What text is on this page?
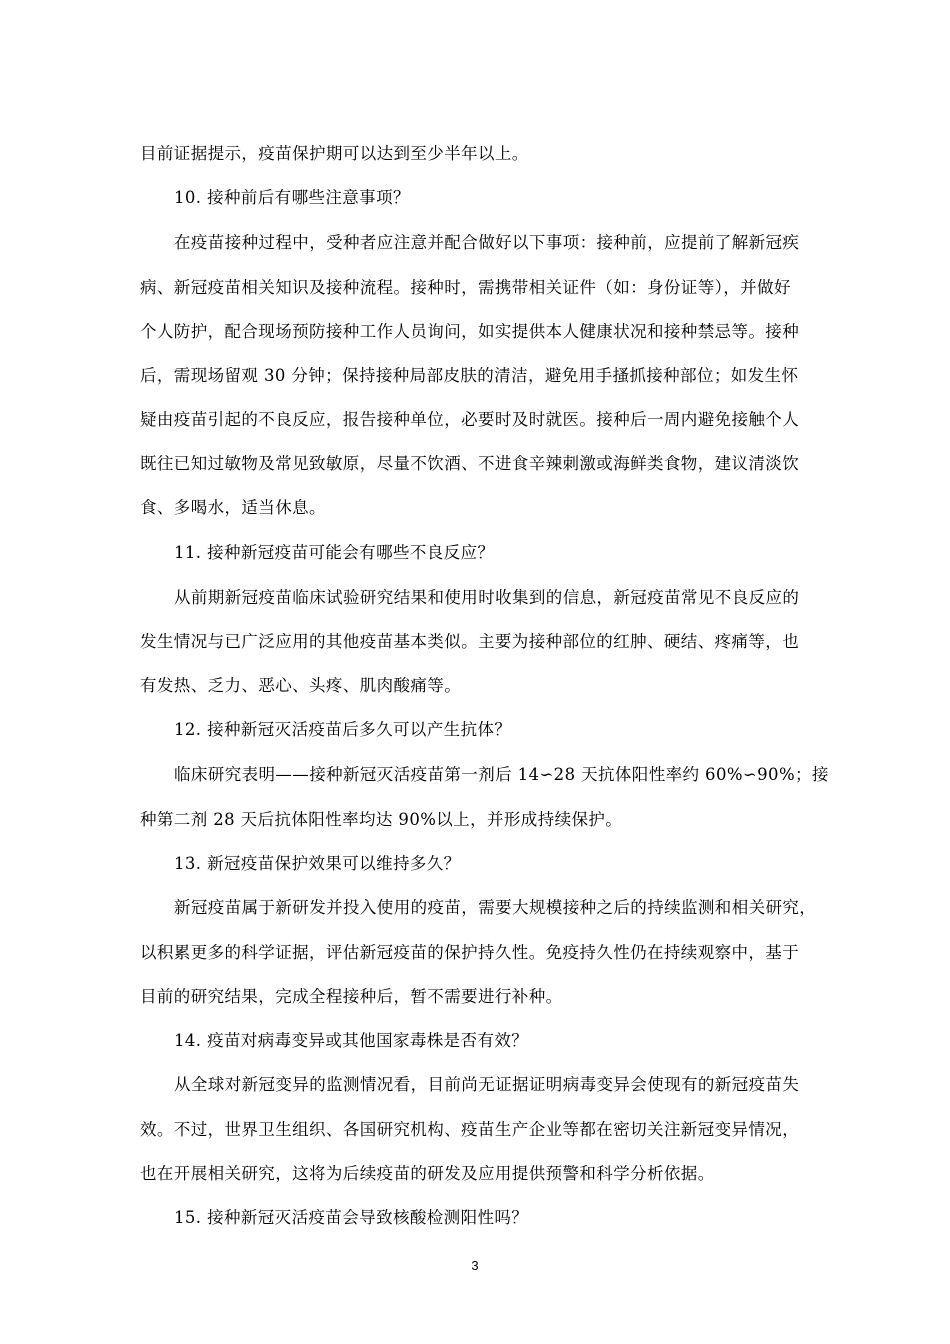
目前证据提示，疫苗保护期可以达到至少半年以上。
10. 接种前后有哪些注意事项？
在疫苗接种过程中，受种者应注意并配合做好以下事项：接种前，应提前了解新冠疾
病、新冠疫苗相关知识及接种流程。接种时，需携带相关证件（如：身份证等），并做好
个人防护，配合现场预防接种工作人员询问，如实提供本人健康状况和接种禁忌等。接种
后，需现场留观 30 分钟；保持接种局部皮肤的清洁，避免用手搔抓接种部位；如发生怀
疑由疫苗引起的不良反应，报告接种单位，必要时及时就医。接种后一周内避免接触个人
既往已知过敏物及常见致敏原，尽量不饮酒、不进食辛辣刺激或海鲜类食物，建议清淡饮
食、多喝水，适当休息。
11. 接种新冠疫苗可能会有哪些不良反应？
从前期新冠疫苗临床试验研究结果和使用时收集到的信息，新冠疫苗常见不良反应的
发生情况与已广泛应用的其他疫苗基本类似。主要为接种部位的红肿、硬结、疼痛等，也
有发热、乏力、恶心、头疼、肌肉酸痛等。
12. 接种新冠灭活疫苗后多久可以产生抗体？
临床研究表明——接种新冠灭活疫苗第一剂后 14∽28 天抗体阳性率约 60%∽90%；接
种第二剂 28 天后抗体阳性率均达 90%以上，并形成持续保护。
13. 新冠疫苗保护效果可以维持多久？
新冠疫苗属于新研发并投入使用的疫苗，需要大规模接种之后的持续监测和相关研究，
以积累更多的科学证据，评估新冠疫苗的保护持久性。免疫持久性仍在持续观察中，基于
目前的研究结果，完成全程接种后，暂不需要进行补种。
14. 疫苗对病毒变异或其他国家毒株是否有效？
从全球对新冠变异的监测情况看，目前尚无证据证明病毒变异会使现有的新冠疫苗失
效。不过，世界卫生组织、各国研究机构、疫苗生产企业等都在密切关注新冠变异情况，
也在开展相关研究，这将为后续疫苗的研发及应用提供预警和科学分析依据。
15. 接种新冠灭活疫苗会导致核酸检测阳性吗？
3
